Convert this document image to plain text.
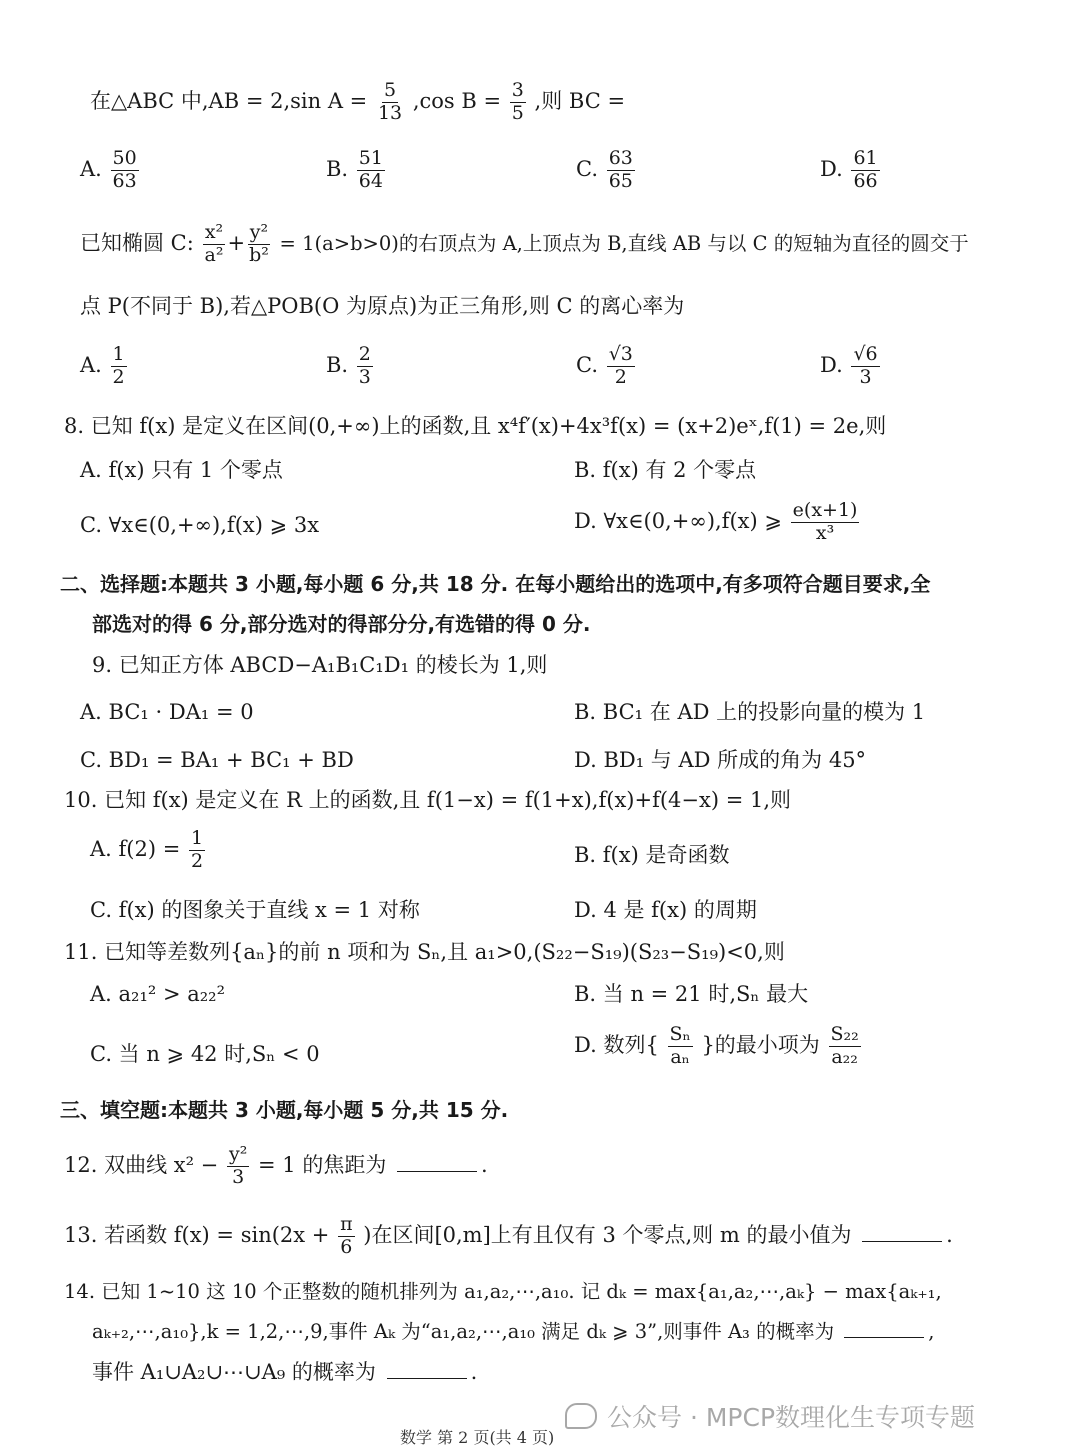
在△ABC 中,AB = 2,sin $A = \frac{5}{13} ,\cos$ $B = \frac{3}{5}$ ,则 BC =
A. $\frac{50}{63}$	B. $\frac{51}{64}$	C. $\frac{63}{65}$	D. $\frac{61}{66}$
已知椭圆 C: $\frac{\text{x²}}{\text{a²}} + \frac{\text{y²}}{\text{b²}} = 1(a>b>0)$的右顶点为 A,上顶点为 B,直线 AB 与以 C 的短轴为直径的圆交于
点 P(不同于 B),若△POB(O 为原点)为正三角形,则 C 的离心率为
A. $\frac{1}{2}$	B. $\frac{2}{3}$	C. $\frac{√3}{2}$	D. $\frac{√6}{3}$
8. 已知 f(x) 是定义在区间(0,+∞)上的函数,且 x⁴f′(x)+4x³f(x) = (x+2)eˣ,f(1) = 2e,则
A. f(x) 只有 1 个零点	B. f(x) 有 2 个零点
C. ∀x∈(0,+∞),f(x) ⩾ 3x	D. ∀x∈(0,+∞),f(x) ⩾ $\frac{e(x+1)}{\text{x³}}$
二、选择题:本题共 3 小题,每小题 6 分,共 18 分. 在每小题给出的选项中,有多项符合题目要求,全
部选对的得 6 分,部分选对的得部分分,有选错的得 0 分.
9. 已知正方体 ABCD−A₁B₁C₁D₁ 的棱长为 1,则
A. BC₁ · DA₁ = 0	B. BC₁ 在 AD 上的投影向量的模为 1
C. BD₁ = BA₁ + BC₁ + BD	D. BD₁ 与 AD 所成的角为 45°
10. 已知 f(x) 是定义在 R 上的函数,且 f(1−x) = f(1+x),f(x)+f(4−x) = 1,则
A. $f(2) = \frac{1}{2}$	B. f(x) 是奇函数
C. f(x) 的图象关于直线 x = 1 对称	D. 4 是 f(x) 的周期
11. 已知等差数列{aₙ}的前 n 项和为 Sₙ,且 a₁>0,(S₂₂−S₁₉)(S₂₃−S₁₉)<0,则
A. a₂₁² > a₂₂²	B. 当 n = 21 时,Sₙ 最大
C. 当 n ⩾ 42 时,Sₙ < 0	D. 数列{ $\frac{\text{Sₙ}}{\text{aₙ}}$ }的最小项为 $\frac{\text{S₂₂}}{\text{a₂₂}}$
三、填空题:本题共 3 小题,每小题 5 分,共 15 分.
12. 双曲线 $x^2 - \frac{\text{y²}}{3} = 1$ 的焦距为	.
13. 若函数 $f(x) = \sin(2x + \frac{\pi}{6}$ )在区间[0,m]上有且仅有 3 个零点,则 m 的最小值为	.
14. 已知 1~10 这 10 个正整数的随机排列为 a₁,a₂,⋯,a₁₀. 记 dₖ = max{a₁,a₂,⋯,aₖ} − max{aₖ₊₁,
aₖ₊₂,⋯,a₁₀},k = 1,2,⋯,9,事件 Aₖ 为“a₁,a₂,⋯,a₁₀ 满足 dₖ ⩾ 3”,则事件 A₃ 的概率为	,
事件 A₁∪A₂∪⋯∪A₉ 的概率为	.
公众号 · MPCP数理化生专项专题
数学 第 2 页(共 4 页)
